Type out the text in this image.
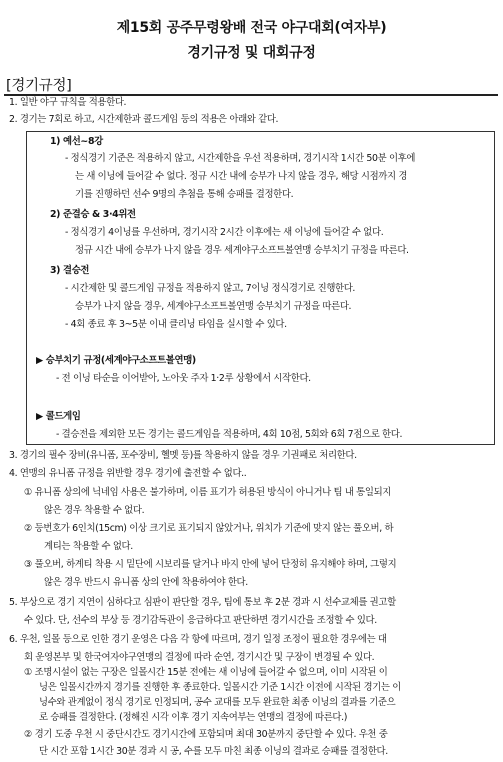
제15회 공주무령왕배 전국 야구대회(여자부)
경기규정 및 대회규정
[경기규정]
1. 일반 야구 규칙을 적용한다.
2. 경기는 7회로 하고, 시간제한과 콜드게임 등의 적용은 아래와 같다.
1) 예선~8강
- 정식경기 기준은 적용하지 않고, 시간제한을 우선 적용하며, 경기시작 1시간 50분 이후에
는 새 이닝에 들어갈 수 없다. 정규 시간 내에 승부가 나지 않을 경우, 해당 시점까지 경
기를 진행하던 선수 9명의 추첨을 통해 승패를 결정한다.
2) 준결승 & 3·4위전
- 정식경기 4이닝를 우선하며, 경기시작 2시간 이후에는 새 이닝에 들어갈 수 없다.
정규 시간 내에 승부가 나지 않을 경우 세계야구소프트볼연맹 승부치기 규정을 따른다.
3) 결승전
- 시간제한 및 콜드게임 규정을 적용하지 않고, 7이닝 정식경기로 진행한다.
승부가 나지 않을 경우, 세계야구소프트볼연맹 승부치기 규정을 따른다.
- 4회 종료 후 3~5분 이내 클리닝 타임을 실시할 수 있다.
▶ 승부치기 규정(세계야구소프트볼연맹)
- 전 이닝 타순을 이어받아, 노아웃 주자 1·2루 상황에서 시작한다.
▶ 콜드게임
- 결승전을 제외한 모든 경기는 콜드게임을 적용하며, 4회 10점, 5회와 6회 7점으로 한다.
3. 경기의 필수 장비(유니폼, 포수장비, 헬멧 등)를 착용하지 않을 경우 기권패로 처리한다.
4. 연맹의 유니폼 규정을 위반할 경우 경기에 출전할 수 없다..
① 유니폼 상의에 닉네임 사용은 불가하며, 이름 표기가 허용된 방식이 아니거나 팀 내 통일되지
않은 경우 착용할 수 없다.
② 등번호가 6인치(15cm) 이상 크기로 표기되지 않았거나, 위치가 기준에 맞지 않는 풀오버, 하
계티는 착용할 수 없다.
③ 풀오버, 하계티 착용 시 밑단에 시보리를 달거나 바지 안에 넣어 단정히 유지해야 하며, 그렇지
않은 경우 반드시 유니폼 상의 안에 착용하여야 한다.
5. 부상으로 경기 지연이 심하다고 심판이 판단할 경우, 팀에 통보 후 2분 경과 시 선수교체를 권고할
수 있다. 단, 선수의 부상 등 경기감독관이 응급하다고 판단하면 경기시간을 조정할 수 있다.
6. 우천, 일몰 등으로 인한 경기 운영은 다음 각 항에 따르며, 경기 일정 조정이 필요한 경우에는 대
회 운영본부 및 한국여자야구연맹의 결정에 따라 순연, 경기시간 및 구장이 변경될 수 있다.
① 조명시설이 없는 구장은 일몰시간 15분 전에는 새 이닝에 들어갈 수 없으며, 이미 시작된 이
닝은 일몰시간까지 경기를 진행한 후 종료한다. 일몰시간 기준 1시간 이전에 시작된 경기는 이
닝수와 관계없이 정식 경기로 인정되며, 공수 교대를 모두 완료한 최종 이닝의 결과를 기준으
로 승패를 결정한다. (정해진 시각 이후 경기 지속여부는 연맹의 결정에 따른다.)
② 경기 도중 우천 시 중단시간도 경기시간에 포함되며 최대 30분까지 중단할 수 있다. 우천 중
단 시간 포함 1시간 30분 경과 시 공, 수를 모두 마친 최종 이닝의 결과로 승패를 결정한다.
